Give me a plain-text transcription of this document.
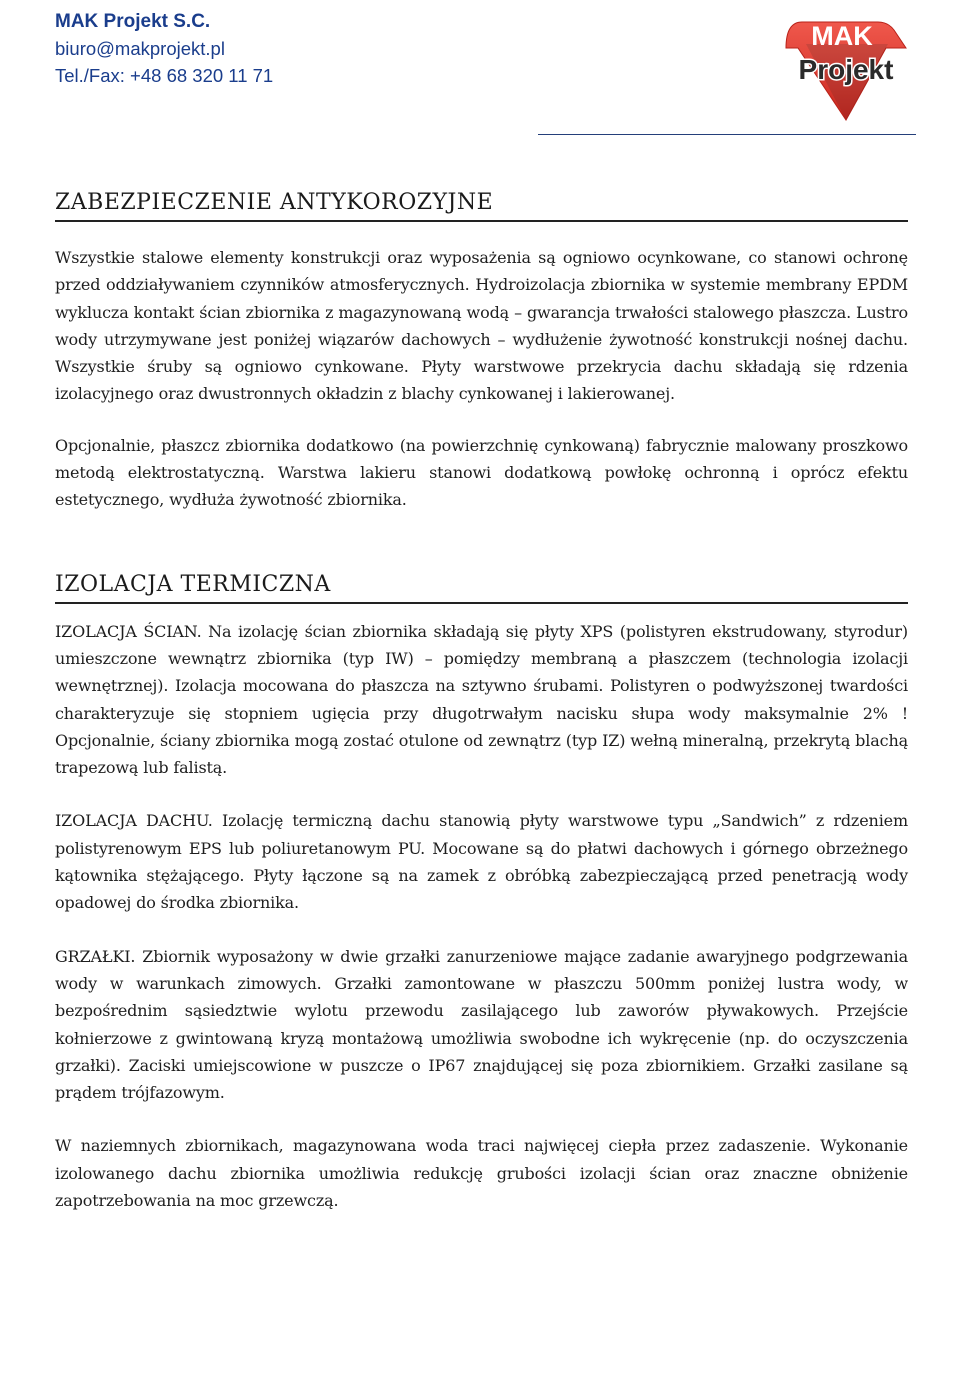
MAK Projekt S.C.
biuro@makprojekt.pl
Tel./Fax: +48 68 320 11 71
MAK
Projekt
ZABEZPIECZENIE ANTYKOROZYJNE

Wszystkie stalowe elementy konstrukcji oraz wyposażenia są ogniowo ocynkowane, co stanowi ochronę przed oddziaływaniem czynników atmosferycznych. Hydroizolacja zbiornika w systemie membrany EPDM wyklucza kontakt ścian zbiornika z magazynowaną wodą – gwarancja trwałości stalowego płaszcza. Lustro wody utrzymywane jest poniżej wiązarów dachowych – wydłużenie żywotność konstrukcji nośnej dachu. Wszystkie śruby są ogniowo cynkowane. Płyty warstwowe przekrycia dachu składają się rdzenia izolacyjnego oraz dwustronnych okładzin z blachy cynkowanej i lakierowanej.

Opcjonalnie, płaszcz zbiornika dodatkowo (na powierzchnię cynkowaną) fabrycznie malowany proszkowo metodą elektrostatyczną. Warstwa lakieru stanowi dodatkową powłokę ochronną i oprócz efektu estetycznego, wydłuża żywotność zbiornika.

IZOLACJA TERMICZNA

IZOLACJA ŚCIAN. Na izolację ścian zbiornika składają się płyty XPS (polistyren ekstrudowany, styrodur) umieszczone wewnątrz zbiornika (typ IW) – pomiędzy membraną a płaszczem (technologia izolacji wewnętrznej). Izolacja mocowana do płaszcza na sztywno śrubami. Polistyren o podwyższonej twardości charakteryzuje się stopniem ugięcia przy długotrwałym nacisku słupa wody maksymalnie 2% ! Opcjonalnie, ściany zbiornika mogą zostać otulone od zewnątrz (typ IZ) wełną mineralną, przekrytą blachą trapezową lub falistą.

IZOLACJA DACHU. Izolację termiczną dachu stanowią płyty warstwowe typu „Sandwich” z rdzeniem polistyrenowym EPS lub poliuretanowym PU. Mocowane są do płatwi dachowych i górnego obrzeżnego kątownika stężającego. Płyty łączone są na zamek z obróbką zabezpieczającą przed penetracją wody opadowej do środka zbiornika.

GRZAŁKI. Zbiornik wyposażony w dwie grzałki zanurzeniowe mające zadanie awaryjnego podgrzewania wody w warunkach zimowych. Grzałki zamontowane w płaszczu 500mm poniżej lustra wody, w bezpośrednim sąsiedztwie wylotu przewodu zasilającego lub zaworów pływakowych. Przejście kołnierzowe z gwintowaną kryzą montażową umożliwia swobodne ich wykręcenie (np. do oczyszczenia grzałki). Zaciski umiejscowione w puszcze o IP67 znajdującej się poza zbiornikiem. Grzałki zasilane są prądem trójfazowym.

W naziemnych zbiornikach, magazynowana woda traci najwięcej ciepła przez zadaszenie. Wykonanie izolowanego dachu zbiornika umożliwia redukcję grubości izolacji ścian oraz znaczne obniżenie zapotrzebowania na moc grzewczą.
